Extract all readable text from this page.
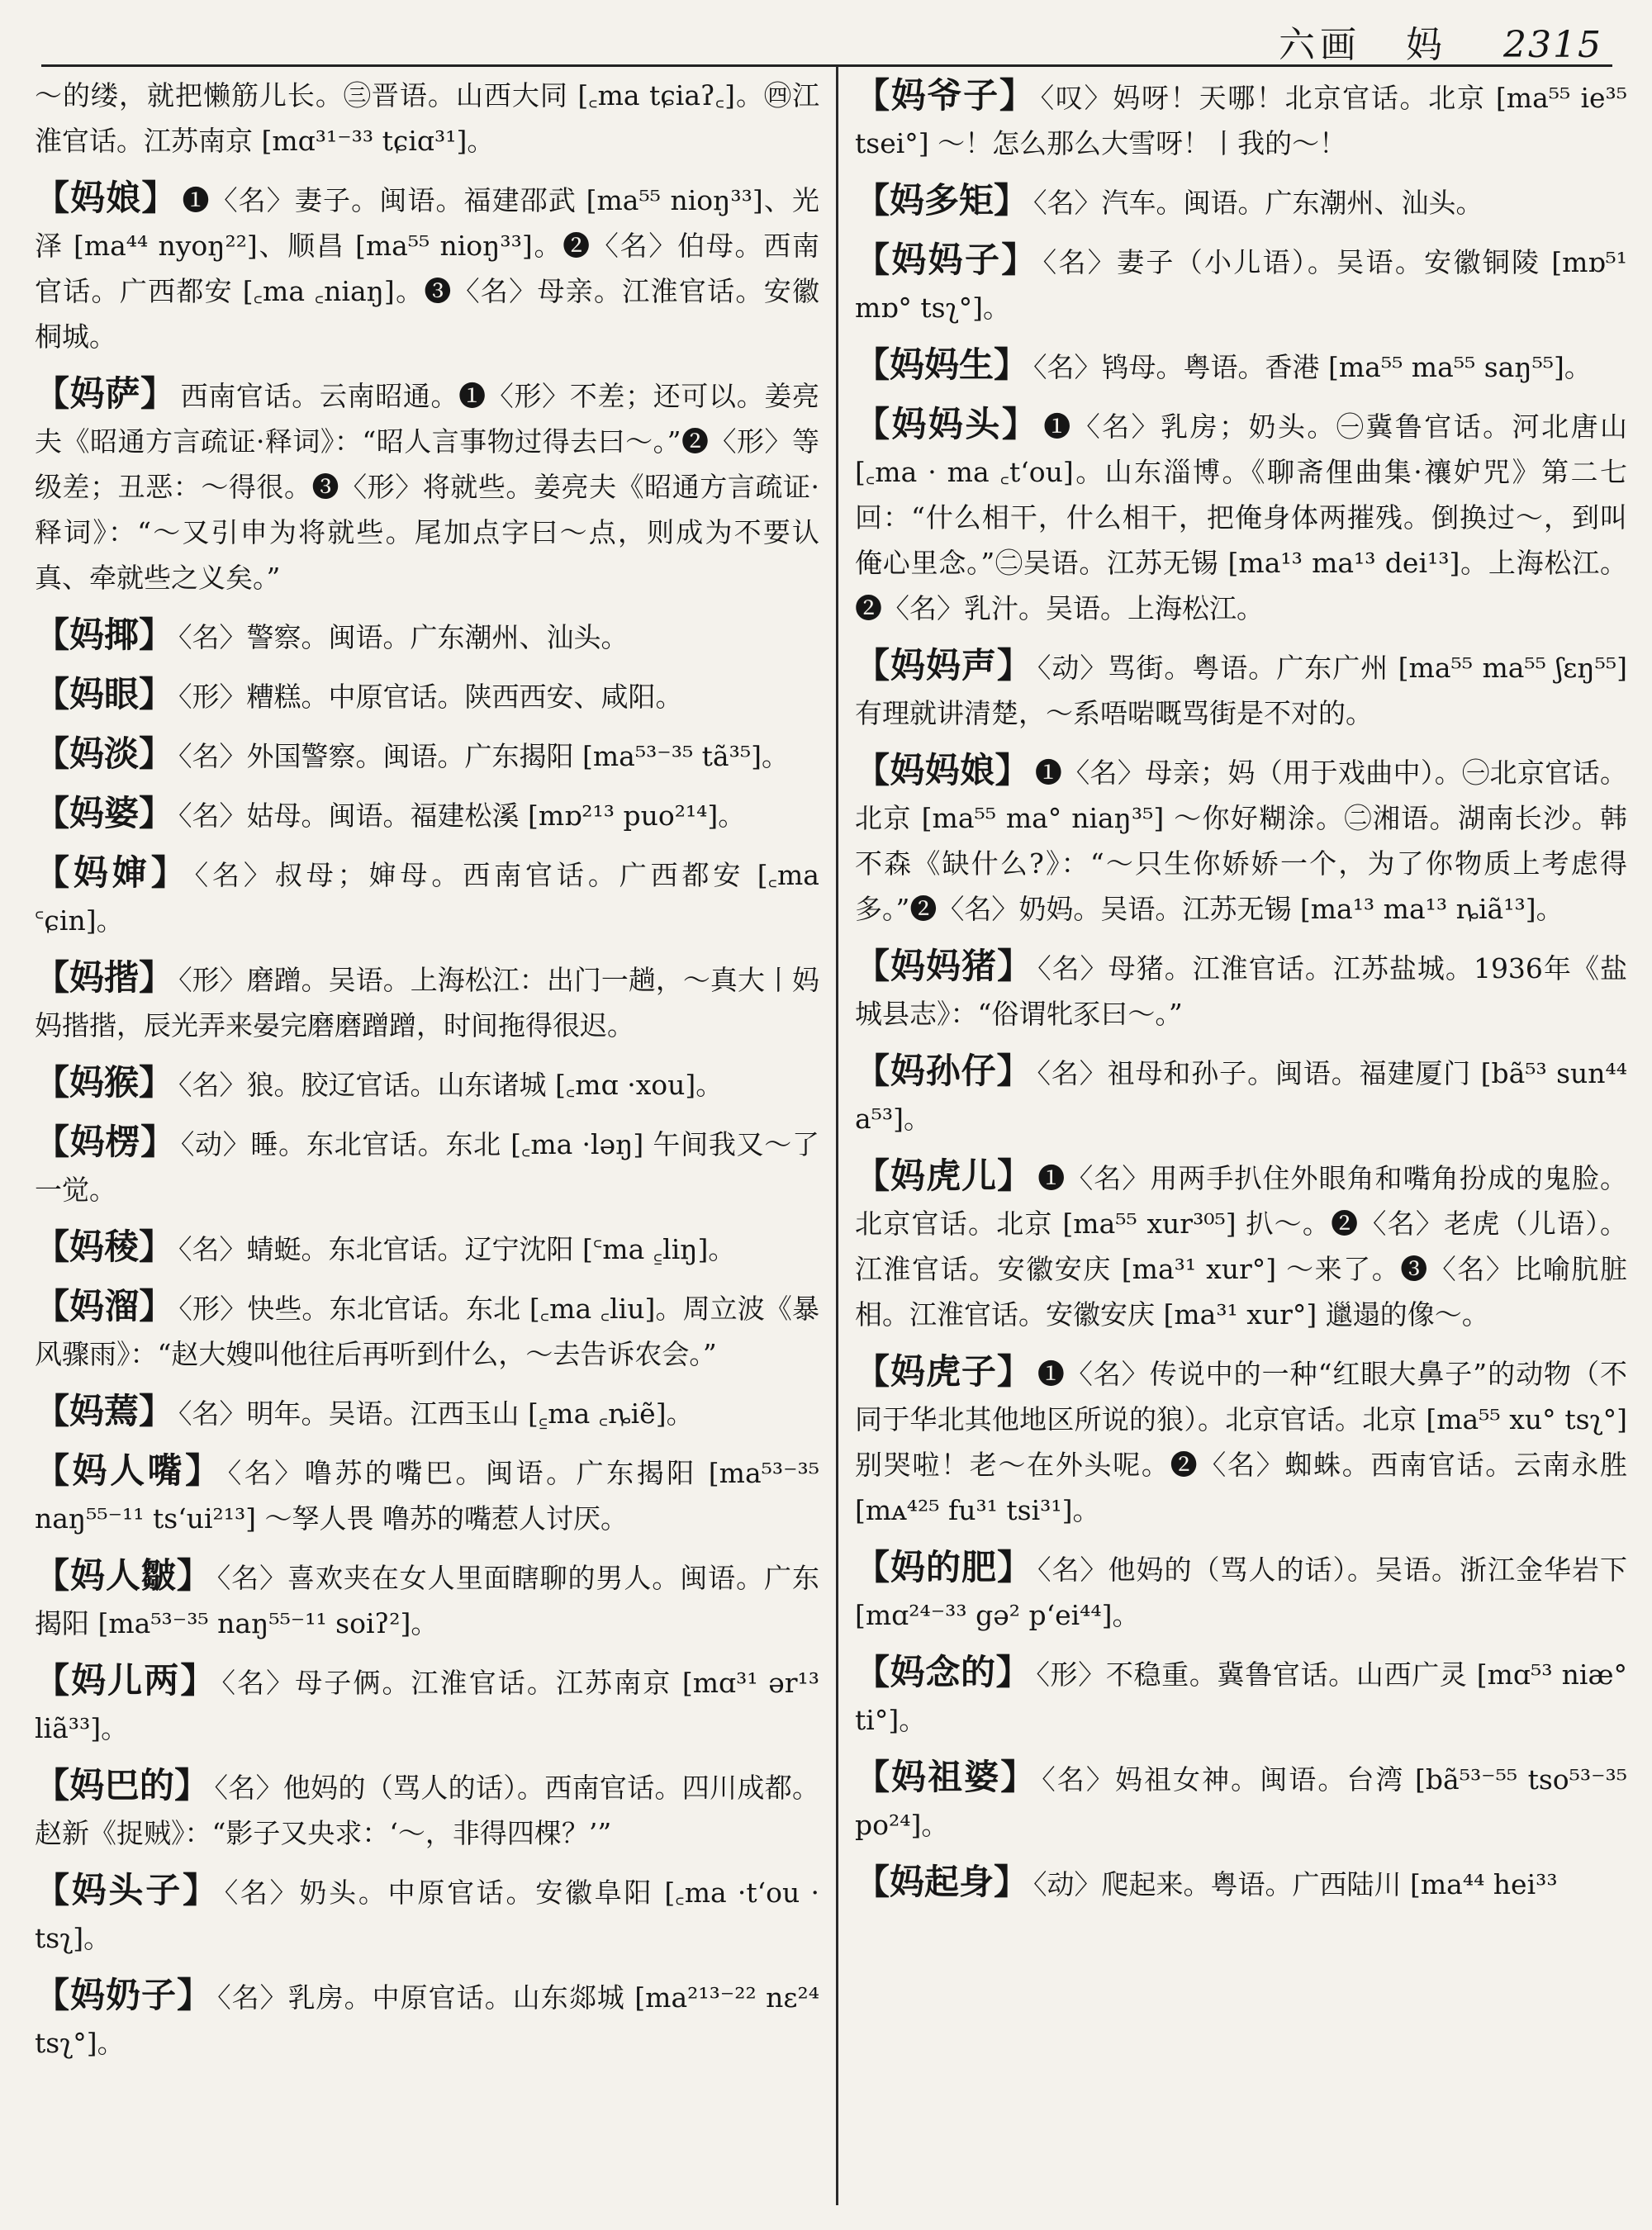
六画 妈 2315

～的缕，就把懒筋儿长。㊂晋语。山西大同 [꜀ma tɕiaʔ꜀]。㊃江淮官话。江苏南京 [mɑ³¹⁻³³ tɕiɑ³¹]。

【妈娘】 ❶〈名〉妻子。闽语。福建邵武 [ma⁵⁵ nioŋ³³]、光泽 [ma⁴⁴ nyoŋ²²]、顺昌 [ma⁵⁵ nioŋ³³]。❷〈名〉伯母。西南官话。广西都安 [꜀ma ꜀niaŋ]。❸〈名〉母亲。江淮官话。安徽桐城。

【妈萨】 西南官话。云南昭通。❶〈形〉不差；还可以。姜亮夫《昭通方言疏证·释词》：“昭人言事物过得去曰～。”❷〈形〉等级差；丑恶：～得很。❸〈形〉将就些。姜亮夫《昭通方言疏证·释词》：“～又引申为将就些。尾加点字曰～点，则成为不要认真、牵就些之义矣。”

【妈揶】 〈名〉警察。闽语。广东潮州、汕头。

【妈眼】 〈形〉糟糕。中原官话。陕西西安、咸阳。

【妈淡】 〈名〉外国警察。闽语。广东揭阳 [ma⁵³⁻³⁵ tã³⁵]。

【妈婆】 〈名〉姑母。闽语。福建松溪 [mɒ²¹³ puo²¹⁴]。

【妈婶】 〈名〉叔母；婶母。西南官话。广西都安 [꜀ma ꜂ɕin]。

【妈揩】 〈形〉磨蹭。吴语。上海松江：出门一趟，～真大丨妈妈揩揩，辰光弄来晏完磨磨蹭蹭，时间拖得很迟。

【妈猴】 〈名〉狼。胶辽官话。山东诸城 [꜀mɑ ·xou]。

【妈楞】 〈动〉睡。东北官话。东北 [꜀ma ·ləŋ] 午间我又～了一觉。

【妈稜】 〈名〉蜻蜓。东北官话。辽宁沈阳 [꜂ma ꜁liŋ]。

【妈溜】 〈形〉快些。东北官话。东北 [꜀ma ꜀liu]。周立波《暴风骤雨》：“赵大嫂叫他往后再听到什么，～去告诉农会。”

【妈蔫】 〈名〉明年。吴语。江西玉山 [꜁ma ꜀ȵiẽ]。

【妈人嘴】 〈名〉噜苏的嘴巴。闽语。广东揭阳 [ma⁵³⁻³⁵ naŋ⁵⁵⁻¹¹ tsʻui²¹³] ～孥人畏 噜苏的嘴惹人讨厌。

【妈人皺】 〈名〉喜欢夹在女人里面瞎聊的男人。闽语。广东揭阳 [ma⁵³⁻³⁵ naŋ⁵⁵⁻¹¹ soiʔ²]。

【妈儿两】 〈名〉母子俩。江淮官话。江苏南京 [mɑ³¹ ər¹³ liã³³]。

【妈巴的】 〈名〉他妈的（骂人的话）。西南官话。四川成都。赵新《捉贼》：“影子又央求：‘～，非得四棵？’”

【妈头子】 〈名〉奶头。中原官话。安徽阜阳 [꜀ma ·tʻou · tsʅ]。

【妈奶子】 〈名〉乳房。中原官话。山东郯城 [ma²¹³⁻²² nɛ²⁴ tsʅ°]。

【妈爷子】 〈叹〉妈呀！天哪！北京官话。北京 [ma⁵⁵ ie³⁵ tsei°] ～！怎么那么大雪呀！丨我的～！

【妈多矩】 〈名〉汽车。闽语。广东潮州、汕头。

【妈妈子】 〈名〉妻子（小儿语）。吴语。安徽铜陵 [mɒ⁵¹ mɒ° tsʅ°]。

【妈妈生】 〈名〉鸨母。粤语。香港 [ma⁵⁵ ma⁵⁵ saŋ⁵⁵]。

【妈妈头】 ❶〈名〉乳房；奶头。㊀冀鲁官话。河北唐山 [꜀ma · ma ꜀tʻou]。山东淄博。《聊斋俚曲集·禳妒咒》第二七回：“什么相干，什么相干，把俺身体两摧残。倒换过～，到叫俺心里念。”㊁吴语。江苏无锡 [ma¹³ ma¹³ dei¹³]。上海松江。❷〈名〉乳汁。吴语。上海松江。

【妈妈声】 〈动〉骂街。粤语。广东广州 [ma⁵⁵ ma⁵⁵ ʃɛŋ⁵⁵] 有理就讲清楚，～系唔啱嘅骂街是不对的。

【妈妈娘】 ❶〈名〉母亲；妈（用于戏曲中）。㊀北京官话。北京 [ma⁵⁵ ma° niaŋ³⁵] ～你好糊涂。㊁湘语。湖南长沙。韩不森《缺什么?》：“～只生你娇娇一个，为了你物质上考虑得多。”❷〈名〉奶妈。吴语。江苏无锡 [ma¹³ ma¹³ ȵiã¹³]。

【妈妈猪】 〈名〉母猪。江淮官话。江苏盐城。1936年《盐城县志》：“俗谓牝豕曰～。”

【妈孙仔】 〈名〉祖母和孙子。闽语。福建厦门 [bã⁵³ sun⁴⁴ a⁵³]。

【妈虎儿】 ❶〈名〉用两手扒住外眼角和嘴角扮成的鬼脸。北京官话。北京 [ma⁵⁵ xur³⁰⁵] 扒～。❷〈名〉老虎（儿语）。江淮官话。安徽安庆 [ma³¹ xur°] ～来了。❸〈名〉比喻肮脏相。江淮官话。安徽安庆 [ma³¹ xur°] 邋遢的像～。

【妈虎子】 ❶〈名〉传说中的一种“红眼大鼻子”的动物（不同于华北其他地区所说的狼）。北京官话。北京 [ma⁵⁵ xu° tsʅ°] 别哭啦！老～在外头呢。❷〈名〉蜘蛛。西南官话。云南永胜 [mᴀ⁴²⁵ fu³¹ tsi³¹]。

【妈的肥】 〈名〉他妈的（骂人的话）。吴语。浙江金华岩下 [mɑ²⁴⁻³³ gə² pʻei⁴⁴]。

【妈念的】 〈形〉不稳重。冀鲁官话。山西广灵 [mɑ⁵³ niæ° ti°]。

【妈祖婆】 〈名〉妈祖女神。闽语。台湾 [bã⁵³⁻⁵⁵ tso⁵³⁻³⁵ po²⁴]。

【妈起身】 〈动〉爬起来。粤语。广西陆川 [ma⁴⁴ hei³³
